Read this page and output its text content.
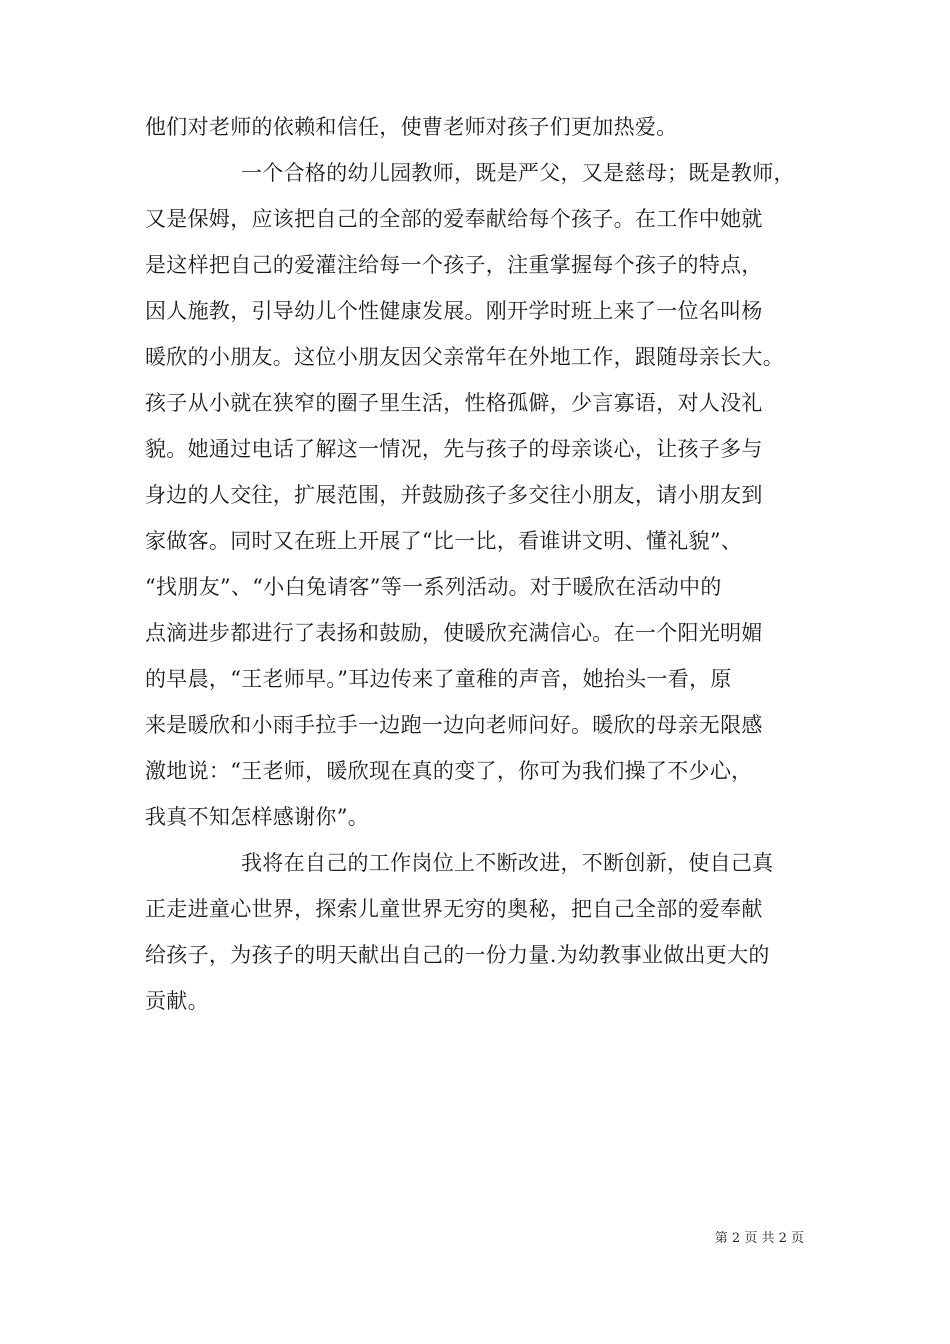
他们对老师的依赖和信任，使曹老师对孩子们更加热爱。
一个合格的幼儿园教师，既是严父，又是慈母；既是教师，
又是保姆，应该把自己的全部的爱奉献给每个孩子。在工作中她就
是这样把自己的爱灌注给每一个孩子，注重掌握每个孩子的特点，
因人施教，引导幼儿个性健康发展。刚开学时班上来了一位名叫杨
暖欣的小朋友。这位小朋友因父亲常年在外地工作，跟随母亲长大。
孩子从小就在狭窄的圈子里生活，性格孤僻，少言寡语，对人没礼
貌。她通过电话了解这一情况，先与孩子的母亲谈心，让孩子多与
身边的人交往，扩展范围，并鼓励孩子多交往小朋友，请小朋友到
家做客。同时又在班上开展了“比一比，看谁讲文明、懂礼貌”、
“找朋友”、“小白兔请客”等一系列活动。对于暖欣在活动中的
点滴进步都进行了表扬和鼓励，使暖欣充满信心。在一个阳光明媚
的早晨，“王老师早。”耳边传来了童稚的声音，她抬头一看，原
来是暖欣和小雨手拉手一边跑一边向老师问好。暖欣的母亲无限感
激地说：“王老师，暖欣现在真的变了，你可为我们操了不少心，
我真不知怎样感谢你”。
我将在自己的工作岗位上不断改进，不断创新，使自己真
正走进童心世界，探索儿童世界无穷的奥秘，把自己全部的爱奉献
给孩子，为孩子的明天献出自己的一份力量.为幼教事业做出更大的
贡献。
第 2 页 共 2 页
